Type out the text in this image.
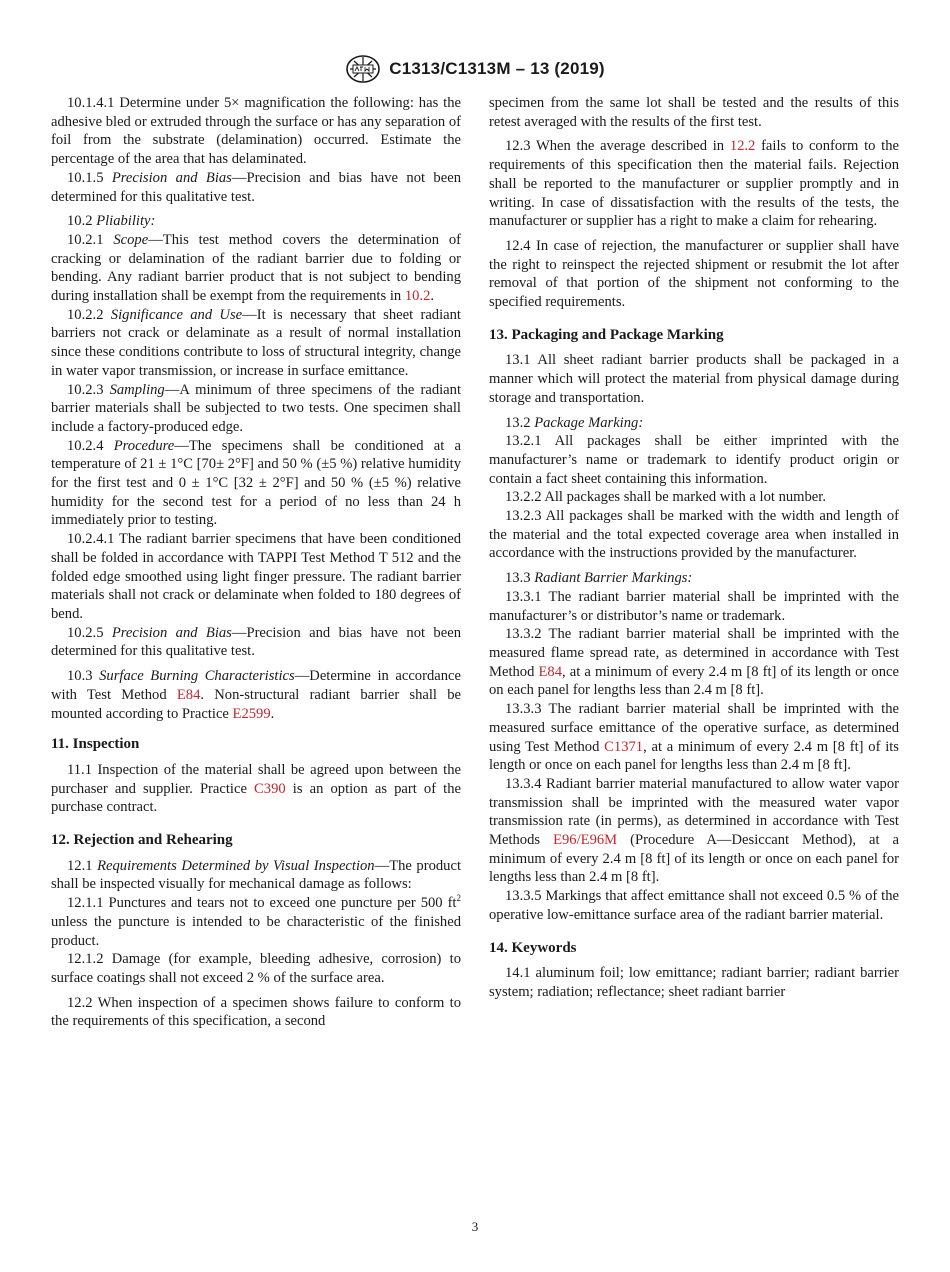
C1313/C1313M – 13 (2019)

10.1.4.1 Determine under 5× magnification the following: has the adhesive bled or extruded through the surface or has any separation of foil from the substrate (delamination) occurred. Estimate the percentage of the area that has delaminated.

10.1.5 Precision and Bias—Precision and bias have not been determined for this qualitative test.

10.2 Pliability:

10.2.1 Scope—This test method covers the determination of cracking or delamination of the radiant barrier due to folding or bending. Any radiant barrier product that is not subject to bending during installation shall be exempt from the requirements in 10.2.

10.2.2 Significance and Use—It is necessary that sheet radiant barriers not crack or delaminate as a result of normal installation since these conditions contribute to loss of structural integrity, change in water vapor transmission, or increase in surface emittance.

10.2.3 Sampling—A minimum of three specimens of the radiant barrier materials shall be subjected to two tests. One specimen shall include a factory-produced edge.

10.2.4 Procedure—The specimens shall be conditioned at a temperature of 21 ± 1°C [70± 2°F] and 50 % (±5 %) relative humidity for the first test and 0 ± 1°C [32 ± 2°F] and 50 % (±5 %) relative humidity for the second test for a period of no less than 24 h immediately prior to testing.

10.2.4.1 The radiant barrier specimens that have been conditioned shall be folded in accordance with TAPPI Test Method T 512 and the folded edge smoothed using light finger pressure. The radiant barrier materials shall not crack or delaminate when folded to 180 degrees of bend.

10.2.5 Precision and Bias—Precision and bias have not been determined for this qualitative test.

10.3 Surface Burning Characteristics—Determine in accordance with Test Method E84. Non-structural radiant barrier shall be mounted according to Practice E2599.

11. Inspection

11.1 Inspection of the material shall be agreed upon between the purchaser and supplier. Practice C390 is an option as part of the purchase contract.

12. Rejection and Rehearing

12.1 Requirements Determined by Visual Inspection—The product shall be inspected visually for mechanical damage as follows:

12.1.1 Punctures and tears not to exceed one puncture per 500 $ft^2$ unless the puncture is intended to be characteristic of the finished product.

12.1.2 Damage (for example, bleeding adhesive, corrosion) to surface coatings shall not exceed 2 % of the surface area.

12.2 When inspection of a specimen shows failure to conform to the requirements of this specification, a second

specimen from the same lot shall be tested and the results of this retest averaged with the results of the first test.

12.3 When the average described in 12.2 fails to conform to the requirements of this specification then the material fails. Rejection shall be reported to the manufacturer or supplier promptly and in writing. In case of dissatisfaction with the results of the tests, the manufacturer or supplier has a right to make a claim for rehearing.

12.4 In case of rejection, the manufacturer or supplier shall have the right to reinspect the rejected shipment or resubmit the lot after removal of that portion of the shipment not conforming to the specified requirements.

13. Packaging and Package Marking

13.1 All sheet radiant barrier products shall be packaged in a manner which will protect the material from physical damage during storage and transportation.

13.2 Package Marking:

13.2.1 All packages shall be either imprinted with the manufacturer’s name or trademark to identify product origin or contain a fact sheet containing this information.

13.2.2 All packages shall be marked with a lot number.

13.2.3 All packages shall be marked with the width and length of the material and the total expected coverage area when installed in accordance with the instructions provided by the manufacturer.

13.3 Radiant Barrier Markings:

13.3.1 The radiant barrier material shall be imprinted with the manufacturer’s or distributor’s name or trademark.

13.3.2 The radiant barrier material shall be imprinted with the measured flame spread rate, as determined in accordance with Test Method E84, at a minimum of every 2.4 m [8 ft] of its length or once on each panel for lengths less than 2.4 m [8 ft].

13.3.3 The radiant barrier material shall be imprinted with the measured surface emittance of the operative surface, as determined using Test Method C1371, at a minimum of every 2.4 m [8 ft] of its length or once on each panel for lengths less than 2.4 m [8 ft].

13.3.4 Radiant barrier material manufactured to allow water vapor transmission shall be imprinted with the measured water vapor transmission rate (in perms), as determined in accordance with Test Methods E96/E96M (Procedure A—Desiccant Method), at a minimum of every 2.4 m [8 ft] of its length or once on each panel for lengths less than 2.4 m [8 ft].

13.3.5 Markings that affect emittance shall not exceed 0.5 % of the operative low-emittance surface area of the radiant barrier material.

14. Keywords

14.1 aluminum foil; low emittance; radiant barrier; radiant barrier system; radiation; reflectance; sheet radiant barrier

3
